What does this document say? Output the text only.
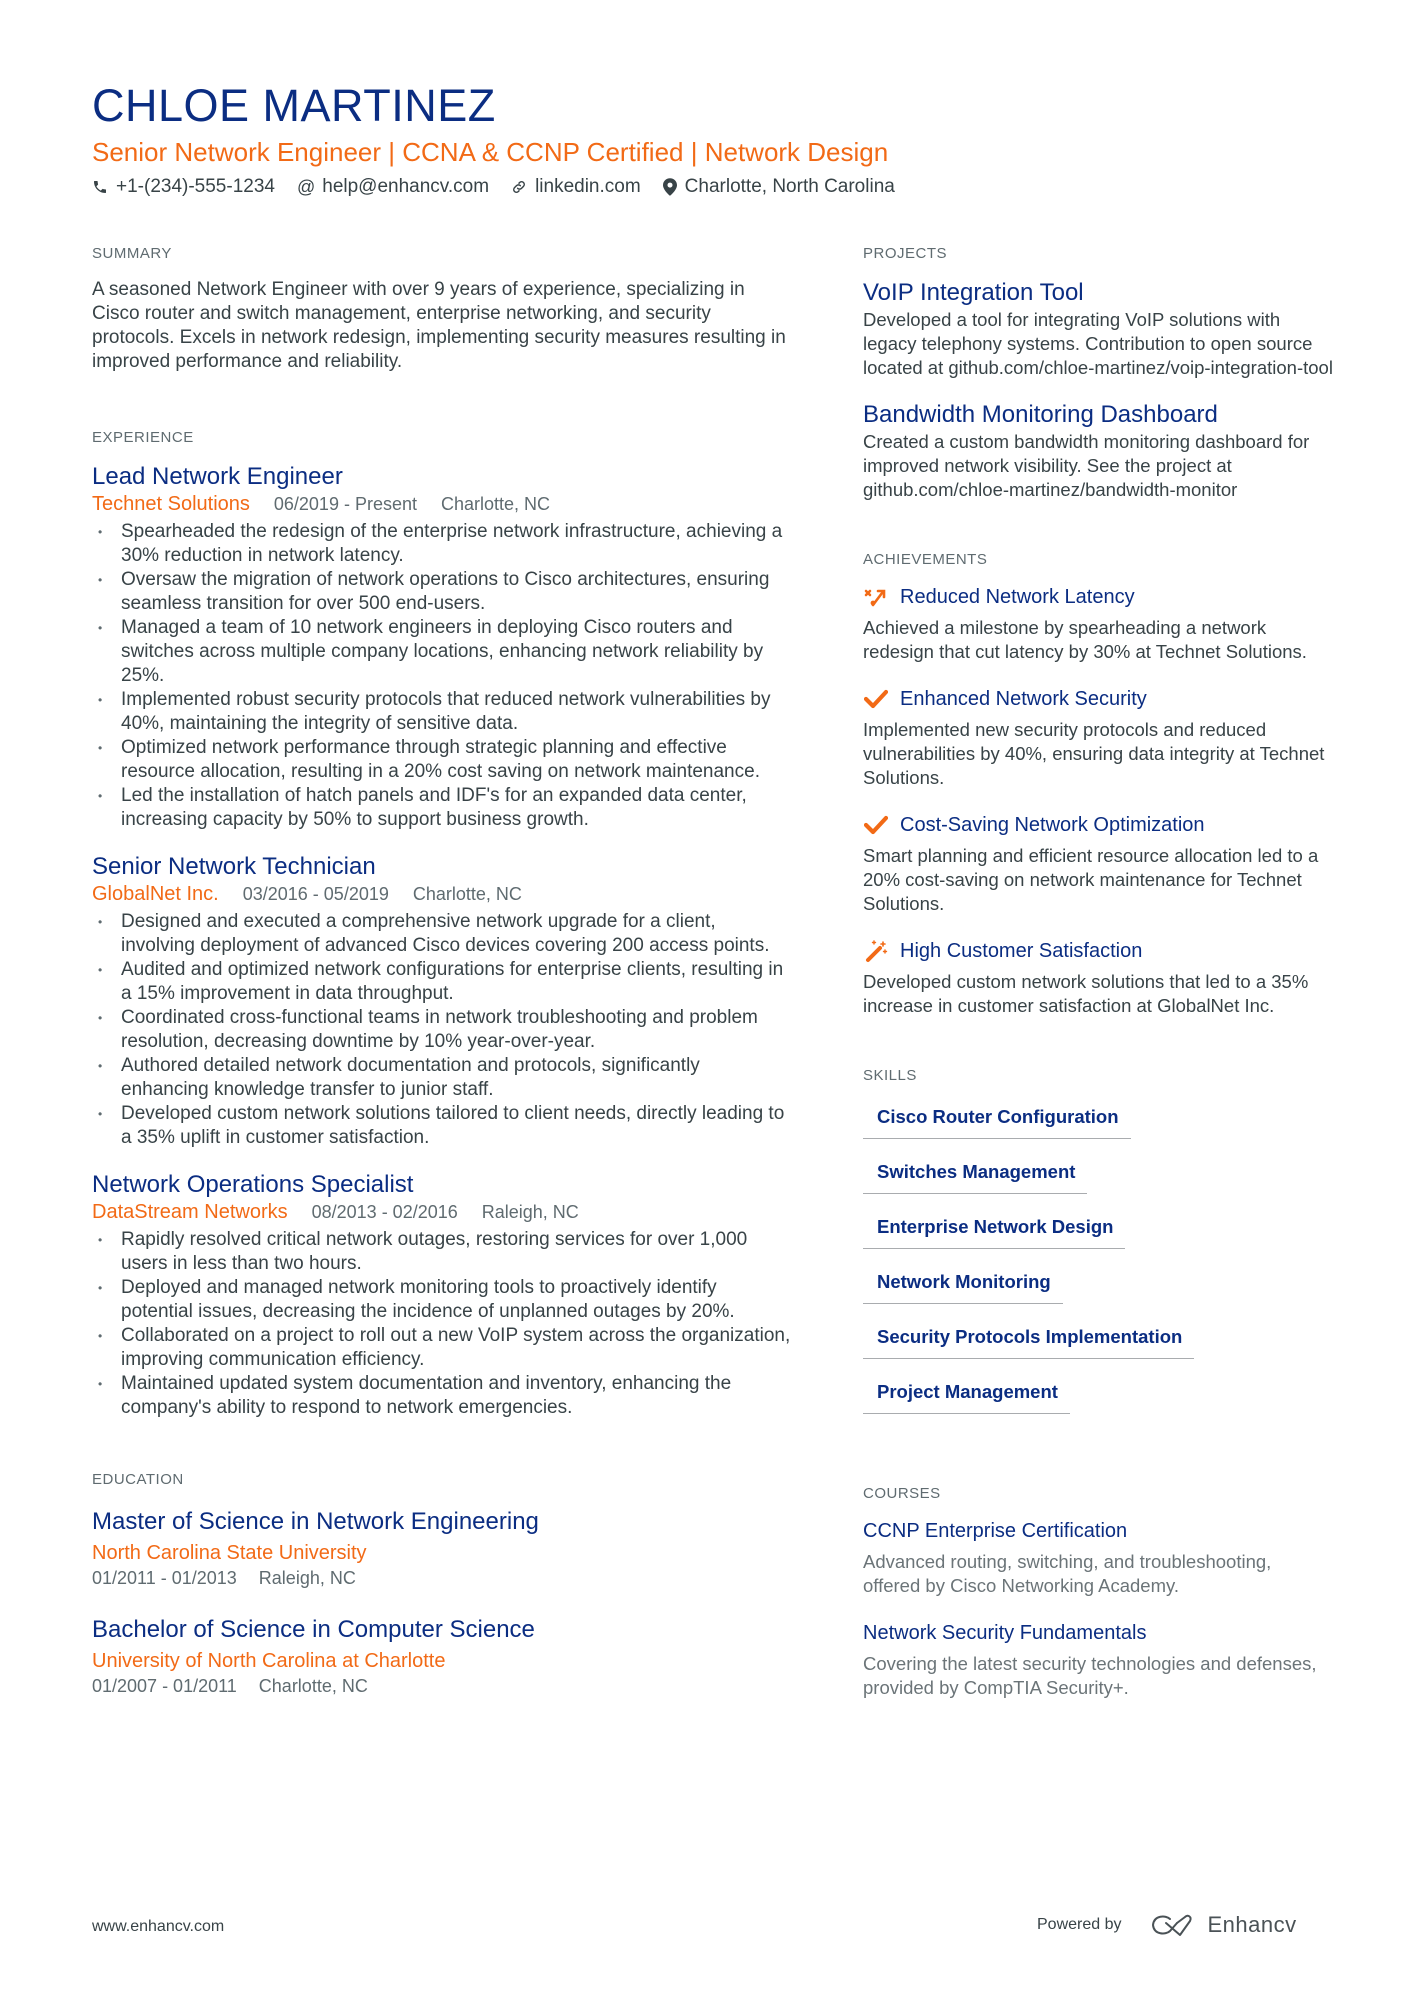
CHLOE MARTINEZ
Senior Network Engineer | CCNA & CCNP Certified | Network Design
+1-(234)-555-1234 @ help@enhancv.com linkedin.com Charlotte, North Carolina
SUMMARY

A seasoned Network Engineer with over 9 years of experience, specializing in Cisco router and switch management, enterprise networking, and security protocols. Excels in network redesign, implementing security measures resulting in improved performance and reliability.

EXPERIENCE
Lead Network Engineer
Technet Solutions 06/2019 - Present Charlotte, NC
• Spearheaded the redesign of the enterprise network infrastructure, achieving a 30% reduction in network latency.
• Oversaw the migration of network operations to Cisco architectures, ensuring seamless transition for over 500 end-users.
• Managed a team of 10 network engineers in deploying Cisco routers and switches across multiple company locations, enhancing network reliability by 25%.
• Implemented robust security protocols that reduced network vulnerabilities by 40%, maintaining the integrity of sensitive data.
• Optimized network performance through strategic planning and effective resource allocation, resulting in a 20% cost saving on network maintenance.
• Led the installation of hatch panels and IDF's for an expanded data center, increasing capacity by 50% to support business growth.
Senior Network Technician
GlobalNet Inc. 03/2016 - 05/2019 Charlotte, NC
• Designed and executed a comprehensive network upgrade for a client, involving deployment of advanced Cisco devices covering 200 access points.
• Audited and optimized network configurations for enterprise clients, resulting in a 15% improvement in data throughput.
• Coordinated cross-functional teams in network troubleshooting and problem resolution, decreasing downtime by 10% year-over-year.
• Authored detailed network documentation and protocols, significantly enhancing knowledge transfer to junior staff.
• Developed custom network solutions tailored to client needs, directly leading to a 35% uplift in customer satisfaction.
Network Operations Specialist
DataStream Networks 08/2013 - 02/2016 Raleigh, NC
• Rapidly resolved critical network outages, restoring services for over 1,000 users in less than two hours.
• Deployed and managed network monitoring tools to proactively identify potential issues, decreasing the incidence of unplanned outages by 20%.
• Collaborated on a project to roll out a new VoIP system across the organization, improving communication efficiency.
• Maintained updated system documentation and inventory, enhancing the company's ability to respond to network emergencies.
EDUCATION
Master of Science in Network Engineering
North Carolina State University
01/2011 - 01/2013 Raleigh, NC
Bachelor of Science in Computer Science
University of North Carolina at Charlotte
01/2007 - 01/2011 Charlotte, NC
PROJECTS
VoIP Integration Tool
Developed a tool for integrating VoIP solutions with legacy telephony systems. Contribution to open source located at github.com/chloe-martinez/voip-integration-tool
Bandwidth Monitoring Dashboard
Created a custom bandwidth monitoring dashboard for improved network visibility. See the project at github.com/chloe-martinez/bandwidth-monitor
ACHIEVEMENTS
Reduced Network Latency
Achieved a milestone by spearheading a network redesign that cut latency by 30% at Technet Solutions.
Enhanced Network Security
Implemented new security protocols and reduced vulnerabilities by 40%, ensuring data integrity at Technet Solutions.
Cost-Saving Network Optimization
Smart planning and efficient resource allocation led to a 20% cost-saving on network maintenance for Technet Solutions.
High Customer Satisfaction
Developed custom network solutions that led to a 35% increase in customer satisfaction at GlobalNet Inc.
SKILLS
Cisco Router Configuration
Switches Management
Enterprise Network Design
Network Monitoring
Security Protocols Implementation
Project Management
COURSES
CCNP Enterprise Certification
Advanced routing, switching, and troubleshooting, offered by Cisco Networking Academy.
Network Security Fundamentals
Covering the latest security technologies and defenses, provided by CompTIA Security+.
www.enhancv.com	Powered by	Enhancv
